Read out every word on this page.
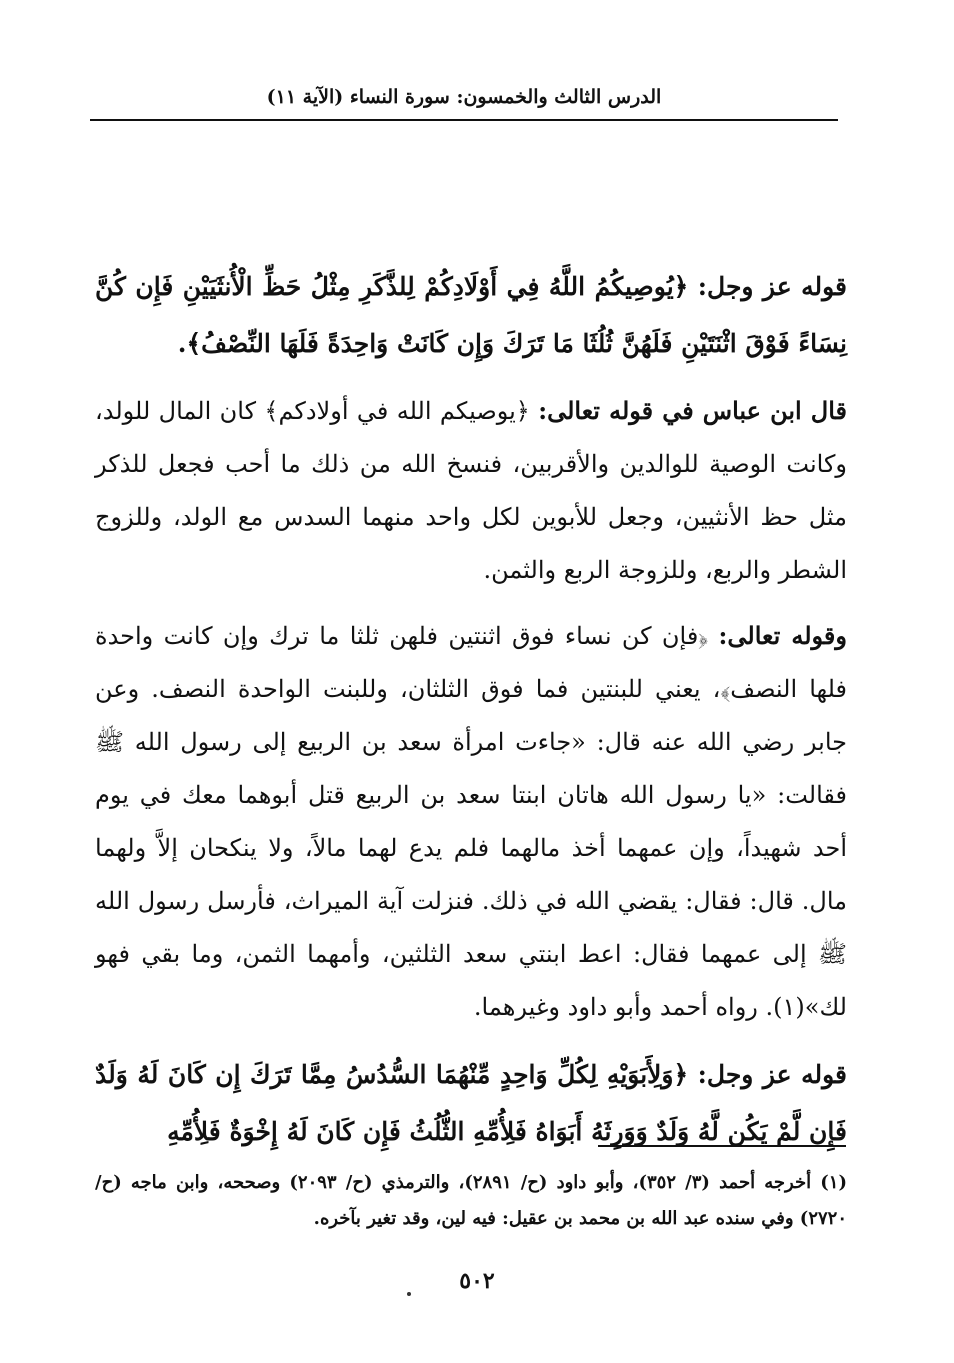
الدرس الثالث والخمسون: سورة النساء (الآية ١١)

قوله عز وجل: ﴿يُوصِيكُمُ اللَّهُ فِي أَوْلَادِكُمْ لِلذَّكَرِ مِثْلُ حَظِّ الْأُنثَيَيْنِ فَإِن كُنَّ نِسَاءً فَوْقَ اثْنَتَيْنِ فَلَهُنَّ ثُلُثَا مَا تَرَكَ وَإِن كَانَتْ وَاحِدَةً فَلَهَا النِّصْفُ﴾.

قال ابن عباس في قوله تعالى: ﴿يوصيكم الله في أولادكم﴾ كان المال للولد، وكانت الوصية للوالدين والأقربين، فنسخ الله من ذلك ما أحب فجعل للذكر مثل حظ الأنثيين، وجعل للأبوين لكل واحد منهما السدس مع الولد، وللزوج الشطر والربع، وللزوجة الربع والثمن.

وقوله تعالى: ﴿فإن كن نساء فوق اثنتين فلهن ثلثا ما ترك وإن كانت واحدة فلها النصف﴾، يعني للبنتين فما فوق الثلثان، وللبنت الواحدة النصف. وعن جابر رضي الله عنه قال: «جاءت امرأة سعد بن الربيع إلى رسول الله ﷺ فقالت: «يا رسول الله هاتان ابنتا سعد بن الربيع قتل أبوهما معك في يوم أحد شهيداً، وإن عمهما أخذ مالهما فلم يدع لهما مالاً، ولا ينكحان إلاَّ ولهما مال. قال: فقال: يقضي الله في ذلك. فنزلت آية الميراث، فأرسل رسول الله ﷺ إلى عمهما فقال: اعط ابنتي سعد الثلثين، وأمهما الثمن، وما بقي فهو لك»(١). رواه أحمد وأبو داود وغيرهما.

قوله عز وجل: ﴿وَلِأَبَوَيْهِ لِكُلِّ وَاحِدٍ مِّنْهُمَا السُّدُسُ مِمَّا تَرَكَ إِن كَانَ لَهُ وَلَدٌ فَإِن لَّمْ يَكُن لَّهُ وَلَدٌ وَوَرِثَهُ أَبَوَاهُ فَلِأُمِّهِ الثُّلُثُ فَإِن كَانَ لَهُ إِخْوَةٌ فَلِأُمِّهِ

(١) أخرجه أحمد (٣/ ٣٥٢)، وأبو داود (ح/ ٢٨٩١)، والترمذي (ح/ ٢٠٩٣) وصححه، وابن ماجه (ح/ ٢٧٢٠) وفي سنده عبد الله بن محمد بن عقيل: فيه لين، وقد تغير بآخره.
٥٠٢
